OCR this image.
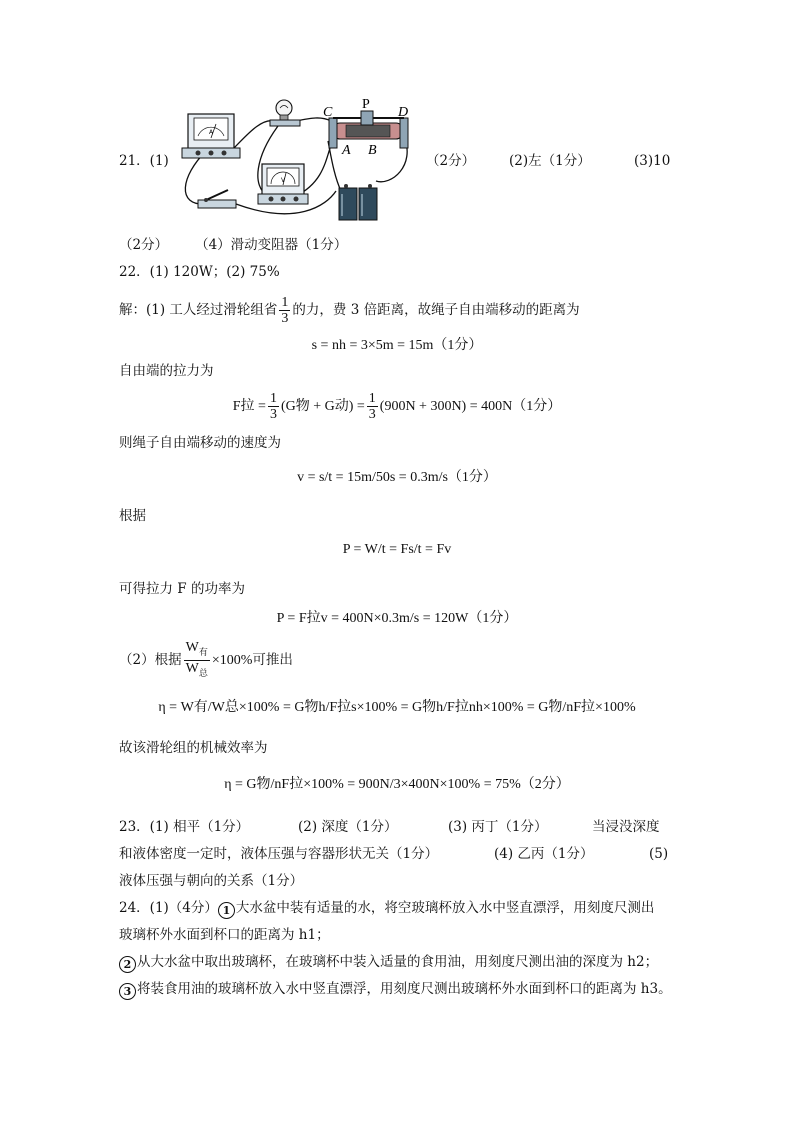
21．(1)
A
C
P
D
A B
V
（2分）	(2)左（1分）	(3)10
（2分）　　　（4）滑动变阻器（1分）
22．(1) 120W；(2) 75%
解：(1) 工人经过滑轮组省 $\frac{1}{3}$ 的力，费 3 倍距离，故绳子自由端移动的距离为
s = nh = 3×5m = 15m（1分）
自由端的拉力为
F拉 = $\frac{1}{3} (G$物 + G动) = $\frac{1}{3} (900N + 300N) = 400N(1$分）
则绳子自由端移动的速度为
v = s/t = 15m/50s = 0.3m/s（1分）
根据
P = W/t = Fs/t = Fv
可得拉力 F 的功率为
P = F拉v = 400N×0.3m/s = 120W（1分）
（2）根据 $\frac{W_有}{W_总} \times 100\%$可推出
η = W有/W总×100% = G物h/F拉s×100% = G物h/F拉nh×100% = G物/nF拉×100%
故该滑轮组的机械效率为
η = G物/nF拉×100% = 900N/3×400N×100% = 75%（2分）
23．(1) 相平（1分）	(2) 深度（1分）	(3) 丙丁（1分）	当浸没深度
和液体密度一定时，液体压强与容器形状无关（1分）	(4) 乙丙（1分）	(5)
液体压强与朝向的关系（1分）
24．(1)（4分） 1 大水盆中装有适量的水，将空玻璃杯放入水中竖直漂浮，用刻度尺测出
玻璃杯外水面到杯口的距离为 h1；
2 从大水盆中取出玻璃杯，在玻璃杯中装入适量的食用油，用刻度尺测出油的深度为 h2；
3 将装食用油的玻璃杯放入水中竖直漂浮，用刻度尺测出玻璃杯外水面到杯口的距离为 h3。
